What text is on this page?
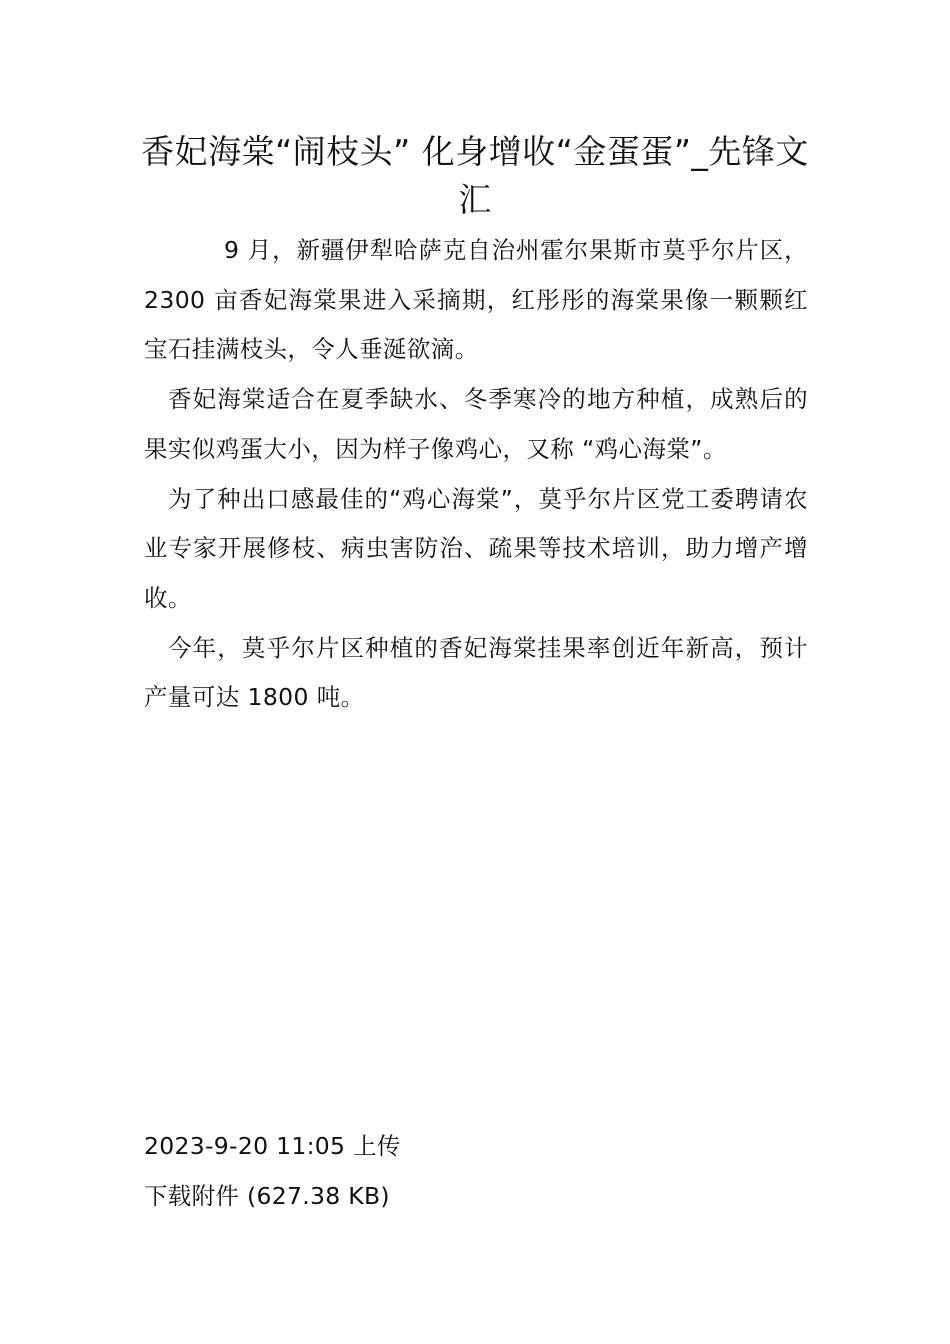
香妃海棠“闹枝头” 化身增收“金蛋蛋”_先锋文汇

9 月，新疆伊犁哈萨克自治州霍尔果斯市莫乎尔片区，2300 亩香妃海棠果进入采摘期，红彤彤的海棠果像一颗颗红宝石挂满枝头，令人垂涎欲滴。

香妃海棠适合在夏季缺水、冬季寒冷的地方种植，成熟后的果实似鸡蛋大小，因为样子像鸡心，又称 “鸡心海棠”。

为了种出口感最佳的“鸡心海棠”，莫乎尔片区党工委聘请农业专家开展修枝、病虫害防治、疏果等技术培训，助力增产增收。

今年，莫乎尔片区种植的香妃海棠挂果率创近年新高，预计产量可达 1800 吨。

2023-9-20 11:05 上传

下载附件 (627.38 KB)
